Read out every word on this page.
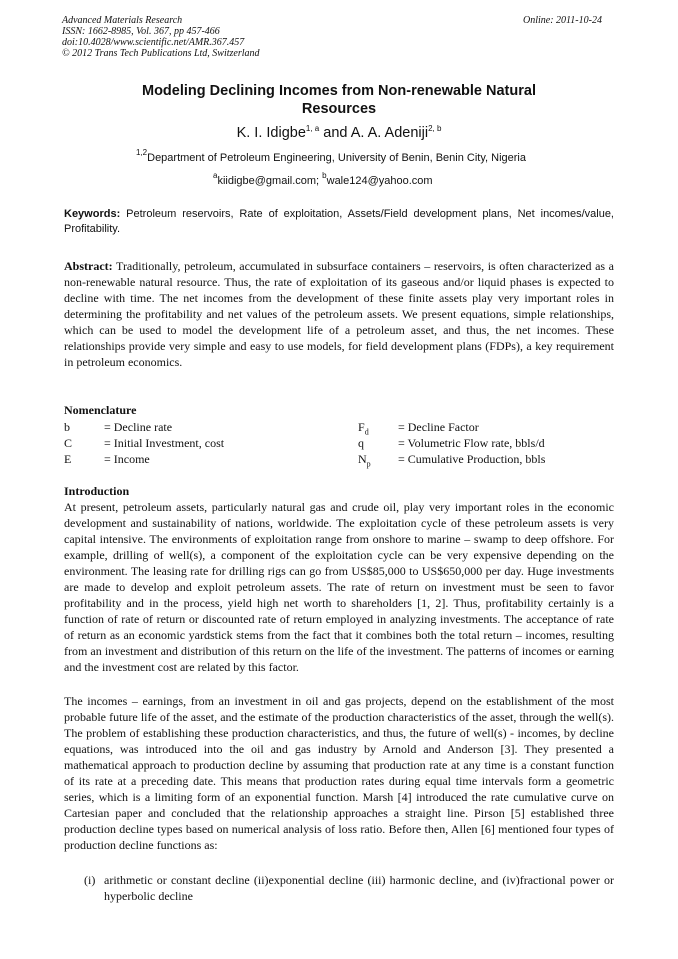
Advanced Materials Research
ISSN: 1662-8985, Vol. 367, pp 457-466
doi:10.4028/www.scientific.net/AMR.367.457
© 2012 Trans Tech Publications Ltd, Switzerland
Online: 2011-10-24
Modeling Declining Incomes from Non-renewable Natural Resources
K. I. Idigbe$^{1, a}$ and A. A. Adeniji$^{2, b}$
$^{1,2}$Department of Petroleum Engineering, University of Benin, Benin City, Nigeria
$^a$kiidigbe@gmail.com; $^b$wale124@yahoo.com
Keywords: Petroleum reservoirs, Rate of exploitation, Assets/Field development plans, Net incomes/value, Profitability.
Abstract: Traditionally, petroleum, accumulated in subsurface containers – reservoirs, is often characterized as a non-renewable natural resource. Thus, the rate of exploitation of its gaseous and/or liquid phases is expected to decline with time. The net incomes from the development of these finite assets play very important roles in determining the profitability and net values of the petroleum assets. We present equations, simple relationships, which can be used to model the development life of a petroleum asset, and thus, the net incomes. These relationships provide very simple and easy to use models, for field development plans (FDPs), a key requirement in petroleum economics.
Nomenclature
b	= Decline rate	$F_d$ = Decline Factor
C	= Initial Investment, cost	q	= Volumetric Flow rate, bbls/d
E	= Income	$N_p$ = Cumulative Production, bbls
Introduction
At present, petroleum assets, particularly natural gas and crude oil, play very important roles in the economic development and sustainability of nations, worldwide. The exploitation cycle of these petroleum assets is very capital intensive. The environments of exploitation range from onshore to marine – swamp to deep offshore. For example, drilling of well(s), a component of the exploitation cycle can be very expensive depending on the environment. The leasing rate for drilling rigs can go from US$85,000 to US$650,000 per day. Huge investments are made to develop and exploit petroleum assets. The rate of return on investment must be seen to favor profitability and in the process, yield high net worth to shareholders [1, 2]. Thus, profitability certainly is a function of rate of return or discounted rate of return employed in analyzing investments. The acceptance of rate of return as an economic yardstick stems from the fact that it combines both the total return – incomes, resulting from an investment and distribution of this return on the life of the investment. The patterns of incomes or earning and the investment cost are related by this factor.
The incomes – earnings, from an investment in oil and gas projects, depend on the establishment of the most probable future life of the asset, and the estimate of the production characteristics of the asset, through the well(s). The problem of establishing these production characteristics, and thus, the future of well(s) - incomes, by decline equations, was introduced into the oil and gas industry by Arnold and Anderson [3]. They presented a mathematical approach to production decline by assuming that production rate at any time is a constant function of its rate at a preceding date. This means that production rates during equal time intervals form a geometric series, which is a limiting form of an exponential function. Marsh [4] introduced the rate cumulative curve on Cartesian paper and concluded that the relationship approaches a straight line. Pirson [5] established three production decline types based on numerical analysis of loss ratio. Before then, Allen [6] mentioned four types of production decline functions as:
(i) arithmetic or constant decline (ii)exponential decline (iii) harmonic decline, and (iv)fractional power or hyperbolic decline
